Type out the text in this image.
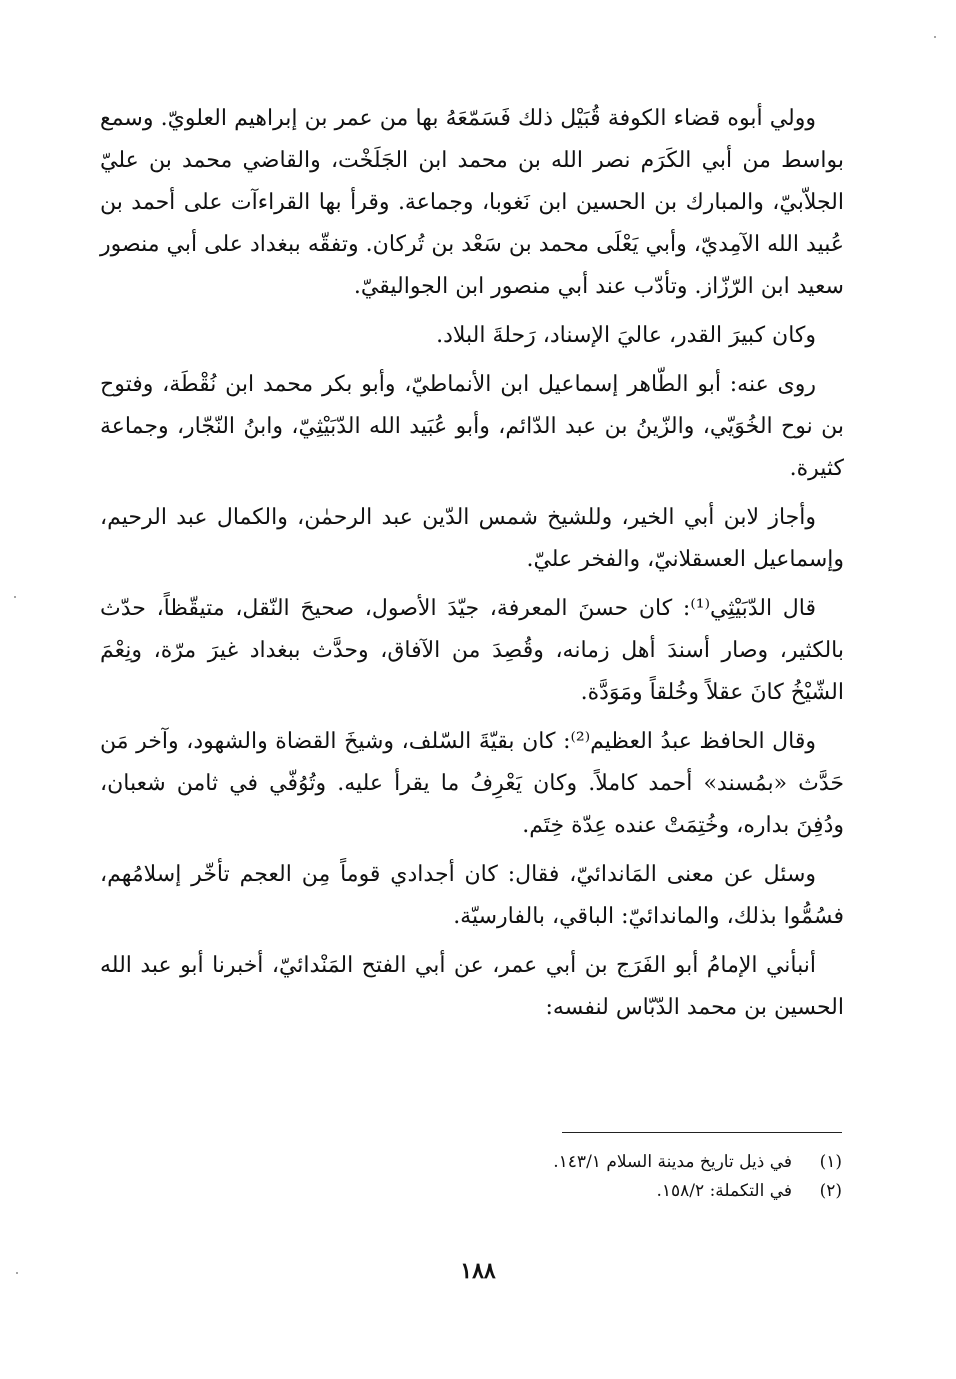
وولي أبوه قضاء الكوفة قُبَيْل ذلك فَسَمّعَهُ بها من عمر بن إبراهيم العلويّ. وسمع بواسط من أبي الكَرَم نصر الله بن محمد ابن الجَلَخْت، والقاضي محمد بن عليّ الجلاّبيّ، والمبارك بن الحسين ابن نَغوبا، وجماعة. وقرأ بها القراءآت على أحمد بن عُبيد الله الآمِديّ، وأبي يَعْلَى محمد بن سَعْد بن تُركان. وتفقّه ببغداد على أبي منصور سعيد ابن الرّزّاز. وتأدّب عند أبي منصور ابن الجواليقيّ.

وكان كبيرَ القدر، عاليَ الإسناد، رَحلةَ البلاد.

روى عنه: أبو الطّاهر إسماعيل ابن الأنماطيّ، وأبو بكر محمد ابن نُقْطَة، وفتوح بن نوح الخُوَيّي، والزّينُ بن عبد الدّائم، وأبو عُبَيد الله الدّبَيْثِيّ، وابنُ النّجّار، وجماعة كثيرة.

وأجاز لابن أبي الخير، وللشيخ شمس الدّين عبد الرحمٰن، والكمال عبد الرحيم، وإسماعيل العسقلانيّ، والفخر عليّ.

قال الدّبَيْثِي⁽¹⁾: كان حسنَ المعرفة، جيّدَ الأصول، صحيحَ النّقل، متيقّظاً، حدّث بالكثير، وصار أسندَ أهل زمانه، وقُصِدَ من الآفاق، وحدَّث ببغداد غيرَ مرّة، ونِعْمَ الشّيْخُ كانَ عقلاً وخُلقاً ومَوَدَّة.

وقال الحافظ عبدُ العظيم⁽²⁾: كان بقيّةَ السّلف، وشيخَ القضاة والشهود، وآخر مَن حَدَّث «بمُسند» أحمد كاملاً. وكان يَعْرِفُ ما يقرأ عليه. وتُوُفّي في ثامن شعبان، ودُفِنَ بداره، وخُتِمَتْ عنده عِدّة خِتَم.

وسئل عن معنى المَاندائيّ، فقال: كان أجدادي قوماً مِن العجم تأخّر إسلامُهم، فسُمُّوا بذلك، والماندائيّ: الباقي، بالفارسيّة.

أنبأني الإمامُ أبو الفَرَج بن أبي عمر، عن أبي الفتح المَنْدائيّ، أخبرنا أبو عبد الله الحسين بن محمد الدّبّاس لنفسه:

(١)
في ذيل تاريخ مدينة السلام ١٤٣/١.
(٢)
في التكملة: ١٥٨/٢.
١٨٨
